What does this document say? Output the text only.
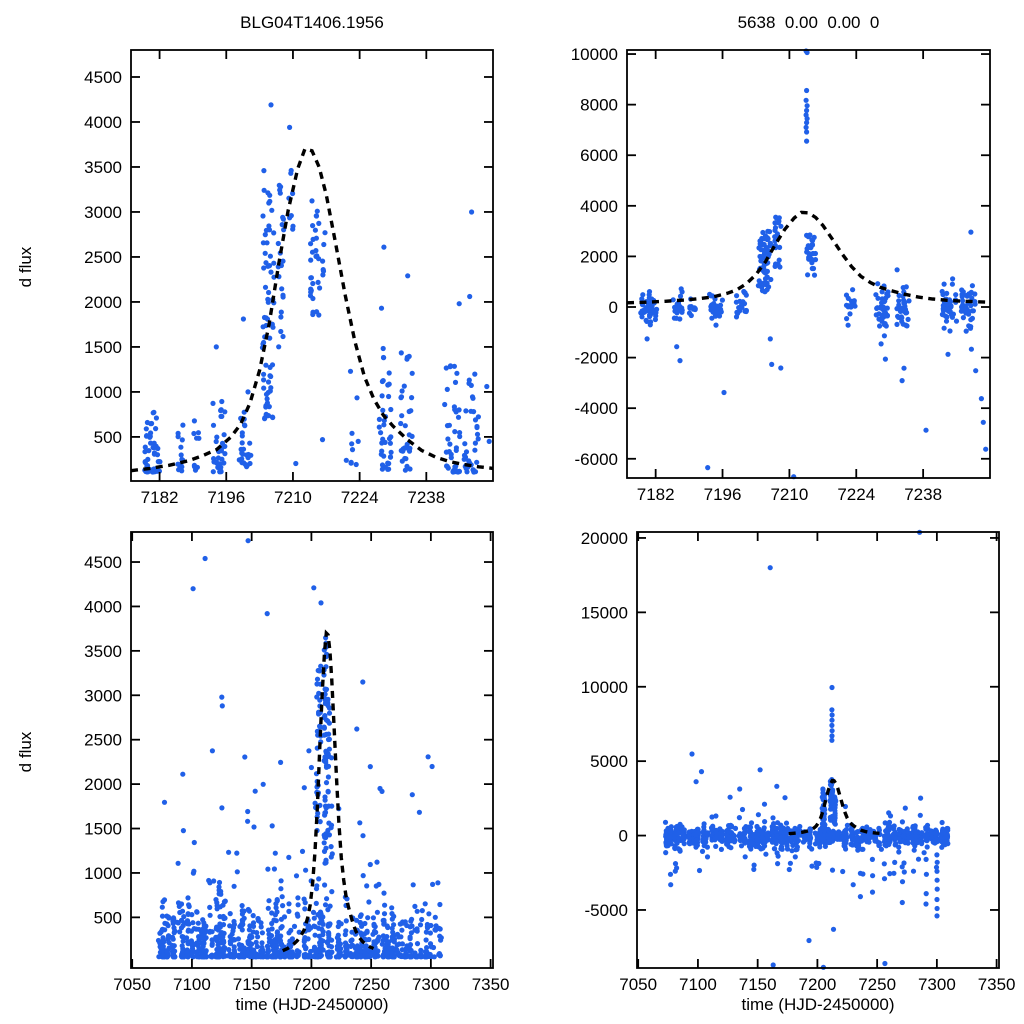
7182 7196 7210 7224 7238
500
1000
1500
2000
2500
3000
3500
4000
4500
7182 7196 7210 7224 7238
-6000
-4000
-2000
0
2000
4000
6000
8000
10000
7050 7100 7150 7200 7250 7300 7350
500
1000
1500
2000
2500
3000
3500
4000
4500
7050 7100 7150 7200 7250 7300 7350
-5000
0
5000
10000
15000
20000
BLG04T1406.1956	5638  0.00  0.00  0
time (HJD-2450000)	time (HJD-2450000)
d flux
d flux
